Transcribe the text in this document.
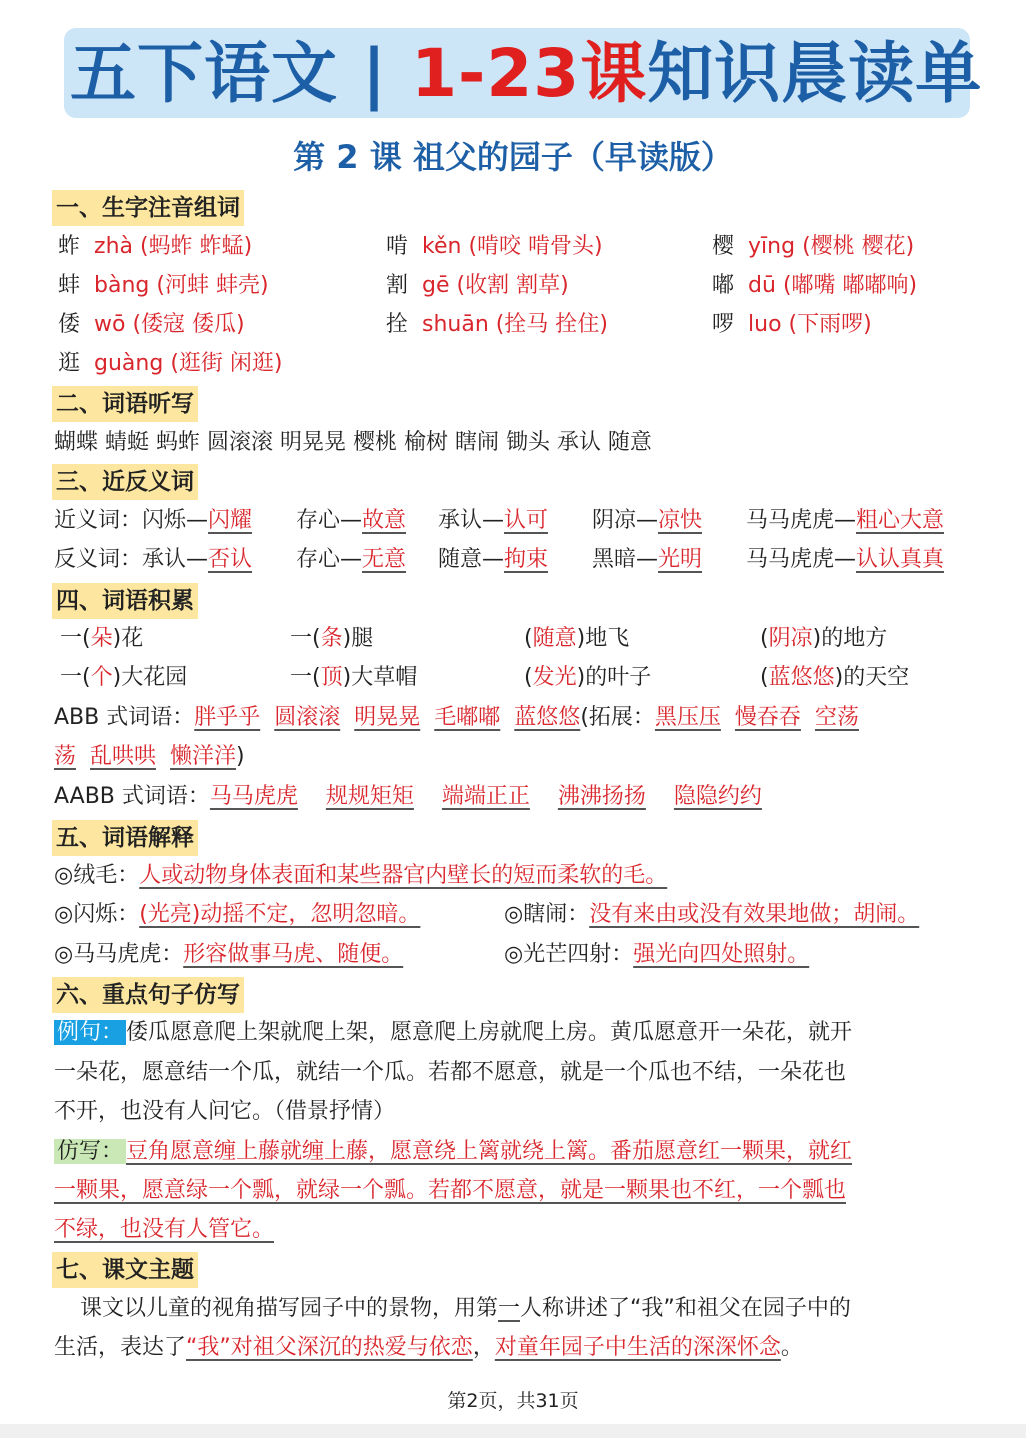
五下语文 | 1-23课知识晨读单
第 2 课 祖父的园子（早读版）
一、生字注音组词
蚱 zhà (蚂蚱 蚱蜢)	啃 kěn (啃咬 啃骨头)	樱 yīng (樱桃 樱花)
蚌 bàng (河蚌 蚌壳)	割 gē (收割 割草)	嘟 dū (嘟嘴 嘟嘟响)
倭 wō (倭寇 倭瓜)	拴 shuān (拴马 拴住)	啰 luo (下雨啰)
逛 guàng (逛街 闲逛)
二、词语听写
蝴蝶 蜻蜓 蚂蚱 圆滚滚 明晃晃 樱桃 榆树 瞎闹 锄头 承认 随意
三、近反义词
近义词：闪烁—闪耀 存心—故意 承认—认可 阴凉—凉快 马马虎虎—粗心大意
反义词：承认—否认 存心—无意 随意—拘束 黑暗—光明 马马虎虎—认认真真
四、词语积累
一(朵)花	一(条)腿	(随意)地飞	(阴凉)的地方
一(个)大花园	一(顶)大草帽	(发光)的叶子	(蓝悠悠)的天空
ABB 式词语：胖乎乎 圆滚滚 明晃晃 毛嘟嘟 蓝悠悠(拓展：黑压压 慢吞吞 空荡
荡 乱哄哄 懒洋洋)
AABB 式词语：马马虎虎 规规矩矩 端端正正 沸沸扬扬 隐隐约约
五、词语解释
◎绒毛：人或动物身体表面和某些器官内壁长的短而柔软的毛。
◎闪烁：(光亮)动摇不定，忽明忽暗。	◎瞎闹：没有来由或没有效果地做；胡闹。
◎马马虎虎：形容做事马虎、随便。	◎光芒四射：强光向四处照射。
六、重点句子仿写
例句： 倭瓜愿意爬上架就爬上架，愿意爬上房就爬上房。黄瓜愿意开一朵花，就开
一朵花，愿意结一个瓜，就结一个瓜。若都不愿意，就是一个瓜也不结，一朵花也
不开，也没有人问它。（借景抒情）
仿写： 豆角愿意缠上藤就缠上藤，愿意绕上篱就绕上篱。番茄愿意红一颗果，就红
一颗果，愿意绿一个瓢，就绿一个瓢。若都不愿意，就是一颗果也不红，一个瓢也
不绿，也没有人管它。
七、课文主题
课文以儿童的视角描写园子中的景物，用第一人称讲述了“我”和祖父在园子中的
生活，表达了“我”对祖父深沉的热爱与依恋，对童年园子中生活的深深怀念。
第2页，共31页
